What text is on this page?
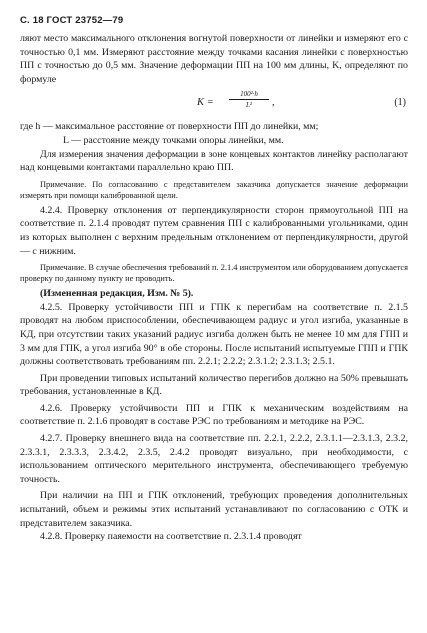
С. 18 ГОСТ 23752—79

ляют место максимального отклонения вогнутой поверхности от линейки и измеряют его с точностью 0,1 мм. Измеряют расстояние между точками касания линейки с поверхностью ПП с точностью до 0,5 мм. Значение деформации ПП на 100 мм длины, K, определяют по формуле

$K = \frac{\text{100²·h}}{\text{L²}}$ ,	(1)

где h — максимальное расстояние от поверхности ПП до линейки, мм;

L — расстояние между точками опоры линейки, мм.

Для измерения значения деформации в зоне концевых контактов линейку располагают над концевыми контактами параллельно краю ПП.

Примечание. По согласованию с представителем заказчика допускается значение деформации измерять при помощи калиброванной щели.

4.2.4. Проверку отклонения от перпендикулярности сторон прямоугольной ПП на соответствие п. 2.1.4 проводят путем сравнения ПП с калиброванными угольниками, один из которых выполнен с верхним предельным отклонением от перпендикулярности, другой — с нижним.

Примечание. В случае обеспечения требований п. 2.1.4 инструментом или оборудованием допускается проверку по данному пункту не проводить.

(Измененная редакция, Изм. № 5).

4.2.5. Проверку устойчивости ПП и ГПК к перегибам на соответствие п. 2.1.5 проводят на любом приспособлении, обеспечивающем радиус и угол изгиба, указанные в КД, при отсутствии таких указаний радиус изгиба должен быть не менее 10 мм для ГПП и 3 мм для ГПК, а угол изгиба 90° в обе стороны. После испытаний испытуемые ГПП и ГПК должны соответствовать требованиям пп. 2.2.1; 2.2.2; 2.3.1.2; 2.3.1.3; 2.5.1.

При проведении типовых испытаний количество перегибов должно на 50% превышать требования, установленные в КД.

4.2.6. Проверку устойчивости ПП и ГПК к механическим воздействиям на соответствие п. 2.1.6 проводят в составе РЭС по требованиям и методике на РЭС.

4.2.7. Проверку внешнего вида на соответствие пп. 2.2.1, 2.2.2, 2.3.1.1—2.3.1.3, 2.3.2, 2.3.3.1, 2.3.3.3, 2.3.4.2, 2.3.5, 2.4.2 проводят визуально, при необходимости, с использованием оптического мерительного инструмента, обеспечивающего требуемую точность.

При наличии на ПП и ГПК отклонений, требующих проведения дополнительных испытаний, объем и режимы этих испытаний устанавливают по согласованию с ОТК и представителем заказчика.

4.2.8. Проверку паяемости на соответствие п. 2.3.1.4 проводят
